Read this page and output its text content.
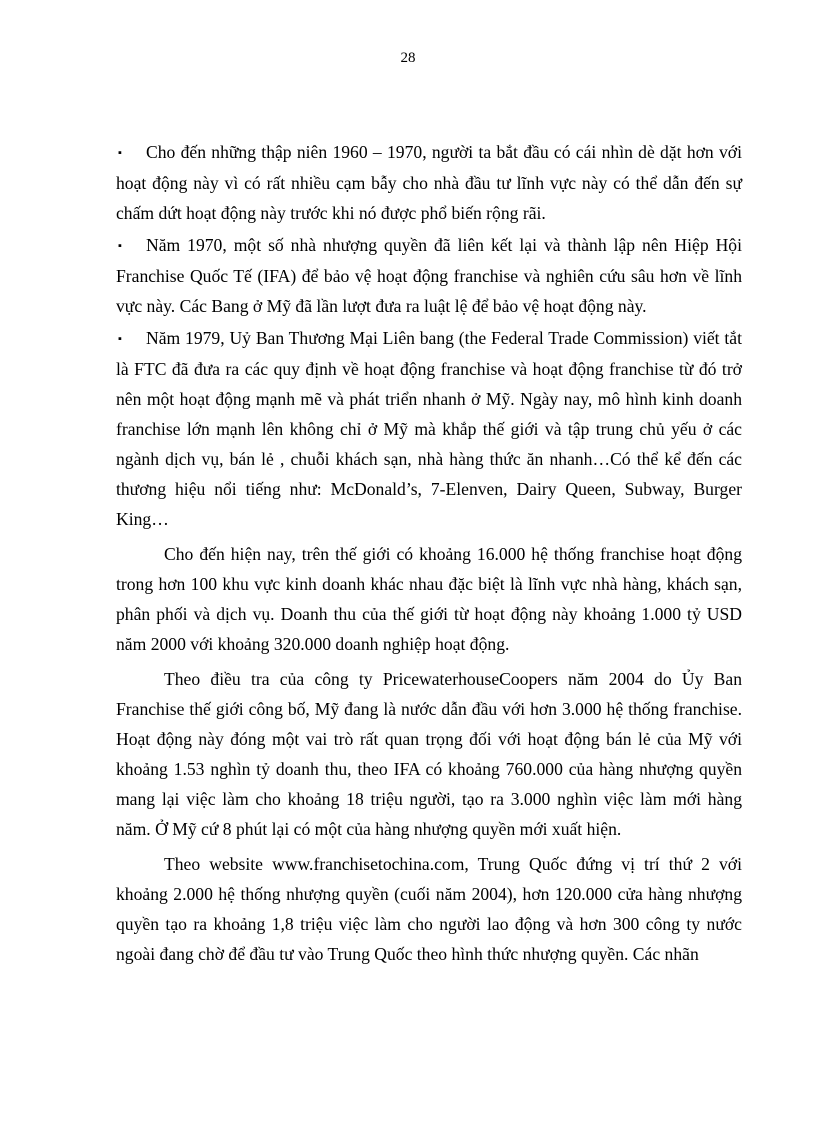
28

▪ Cho đến những thập niên 1960 – 1970, người ta bắt đầu có cái nhìn dè dặt hơn với hoạt động này vì có rất nhiều cạm bẫy cho nhà đầu tư lĩnh vực này có thể dẫn đến sự chấm dứt hoạt động này trước khi nó được phổ biến rộng rãi.

▪ Năm 1970, một số nhà nhượng quyền đã liên kết lại và thành lập nên Hiệp Hội Franchise Quốc Tế (IFA) để bảo vệ hoạt động franchise và nghiên cứu sâu hơn về lĩnh vực này. Các Bang ở Mỹ đã lần lượt đưa ra luật lệ để bảo vệ hoạt động này.

▪ Năm 1979, Uỷ Ban Thương Mại Liên bang (the Federal Trade Commission) viết tắt là FTC đã đưa ra các quy định về hoạt động franchise và hoạt động franchise từ đó trở nên một hoạt động mạnh mẽ và phát triển nhanh ở Mỹ. Ngày nay, mô hình kinh doanh franchise lớn mạnh lên không chỉ ở Mỹ mà khắp thế giới và tập trung chủ yếu ở các ngành dịch vụ, bán lẻ , chuỗi khách sạn, nhà hàng thức ăn nhanh…Có thể kể đến các thương hiệu nổi tiếng như: McDonald’s, 7-Elenven, Dairy Queen, Subway, Burger King…

Cho đến hiện nay, trên thế giới có khoảng 16.000 hệ thống franchise hoạt động trong hơn 100 khu vực kinh doanh khác nhau đặc biệt là lĩnh vực nhà hàng, khách sạn, phân phối và dịch vụ. Doanh thu của thế giới từ hoạt động này khoảng 1.000 tỷ USD năm 2000 với khoảng 320.000 doanh nghiệp hoạt động.

Theo điều tra của công ty PricewaterhouseCoopers năm 2004 do Ủy Ban Franchise thế giới công bố, Mỹ đang là nước dẫn đầu với hơn 3.000 hệ thống franchise. Hoạt động này đóng một vai trò rất quan trọng đối với hoạt động bán lẻ của Mỹ với khoảng 1.53 nghìn tỷ doanh thu, theo IFA có khoảng 760.000 của hàng nhượng quyền mang lại việc làm cho khoảng 18 triệu người, tạo ra 3.000 nghìn việc làm mới hàng năm. Ở Mỹ cứ 8 phút lại có một của hàng nhượng quyền mới xuất hiện.

Theo website www.franchisetochina.com, Trung Quốc đứng vị trí thứ 2 với khoảng 2.000 hệ thống nhượng quyền (cuối năm 2004), hơn 120.000 cửa hàng nhượng quyền tạo ra khoảng 1,8 triệu việc làm cho người lao động và hơn 300 công ty nước ngoài đang chờ để đầu tư vào Trung Quốc theo hình thức nhượng quyền. Các nhãn
